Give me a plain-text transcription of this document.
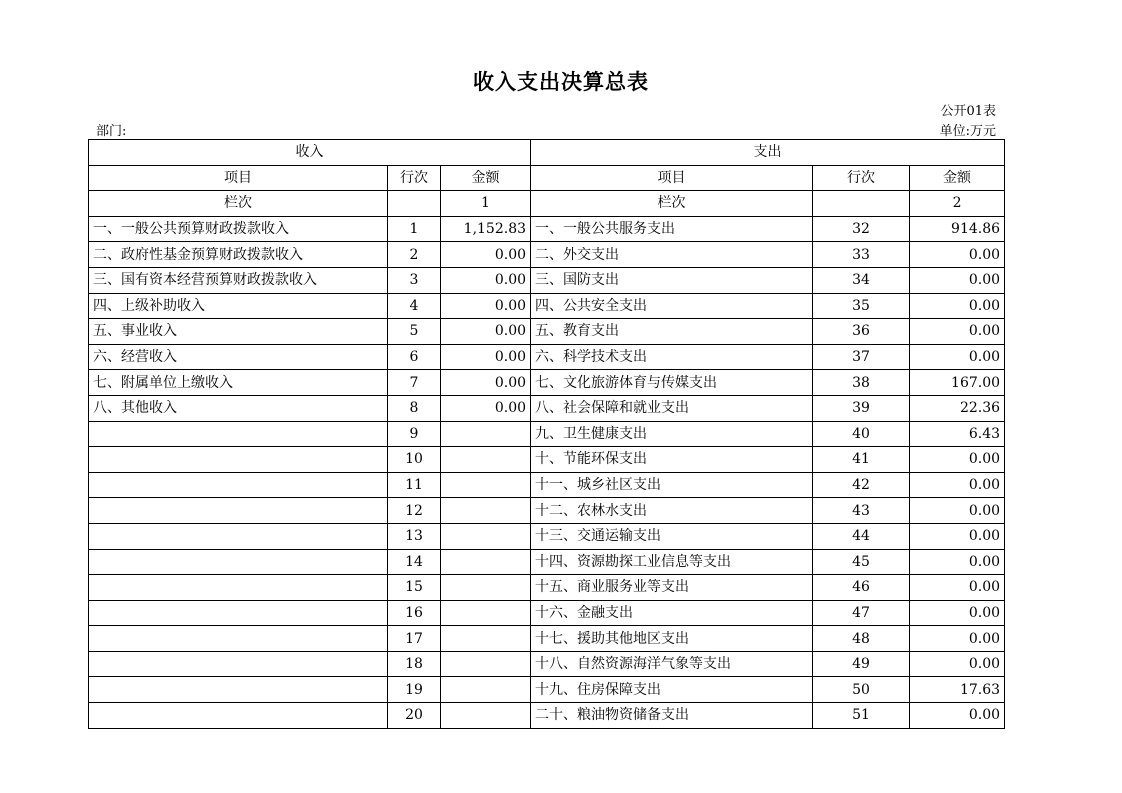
收入支出决算总表
公开01表
部门:	单位:万元
收入			支出		
项目	行次	金额	项目	行次	金额
栏次		1	栏次		2
一、一般公共预算财政拨款收入	1	1,152.83	一、一般公共服务支出	32	914.86
二、政府性基金预算财政拨款收入	2	0.00	二、外交支出	33	0.00
三、国有资本经营预算财政拨款收入	3	0.00	三、国防支出	34	0.00
四、上级补助收入	4	0.00	四、公共安全支出	35	0.00
五、事业收入	5	0.00	五、教育支出	36	0.00
六、经营收入	6	0.00	六、科学技术支出	37	0.00
七、附属单位上缴收入	7	0.00	七、文化旅游体育与传媒支出	38	167.00
八、其他收入	8	0.00	八、社会保障和就业支出	39	22.36
	9		九、卫生健康支出	40	6.43
	10		十、节能环保支出	41	0.00
	11		十一、城乡社区支出	42	0.00
	12		十二、农林水支出	43	0.00
	13		十三、交通运输支出	44	0.00
	14		十四、资源勘探工业信息等支出	45	0.00
	15		十五、商业服务业等支出	46	0.00
	16		十六、金融支出	47	0.00
	17		十七、援助其他地区支出	48	0.00
	18		十八、自然资源海洋气象等支出	49	0.00
	19		十九、住房保障支出	50	17.63
	20		二十、粮油物资储备支出	51	0.00
